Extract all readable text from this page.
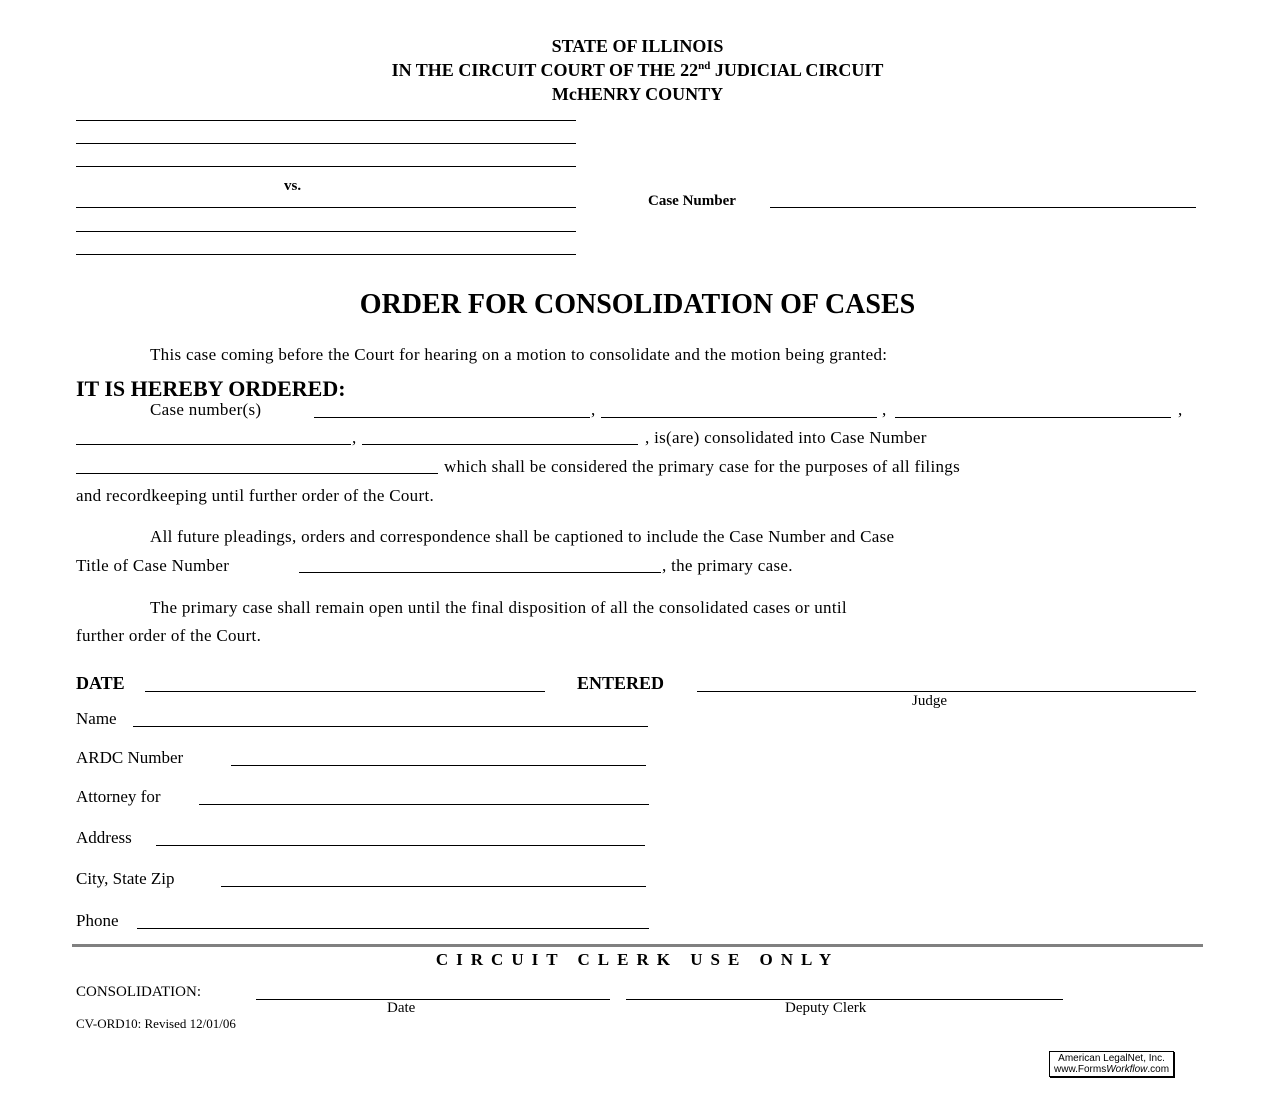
STATE OF ILLINOIS
IN THE CIRCUIT COURT OF THE 22nd JUDICIAL CIRCUIT
McHENRY COUNTY
vs.
Case Number
ORDER FOR CONSOLIDATION OF CASES
This case coming before the Court for hearing on a motion to consolidate and the motion being granted:
IT IS HEREBY ORDERED:
Case number(s)	,	,	,
,	, is(are) consolidated into Case Number
which shall be considered the primary case for the purposes of all filings
and recordkeeping until further order of the Court.
All future pleadings, orders and correspondence shall be captioned to include the Case Number and Case
Title of Case Number	, the primary case.
The primary case shall remain open until the final disposition of all the consolidated cases or until
further order of the Court.
DATE	ENTERED
Judge
Name
ARDC Number
Attorney for
Address
City, State Zip
Phone
CIRCUIT CLERK USE ONLY
CONSOLIDATION:
Date	Deputy Clerk
CV-ORD10: Revised 12/01/06
American LegalNet, Inc.
www.FormsWorkflow.com
